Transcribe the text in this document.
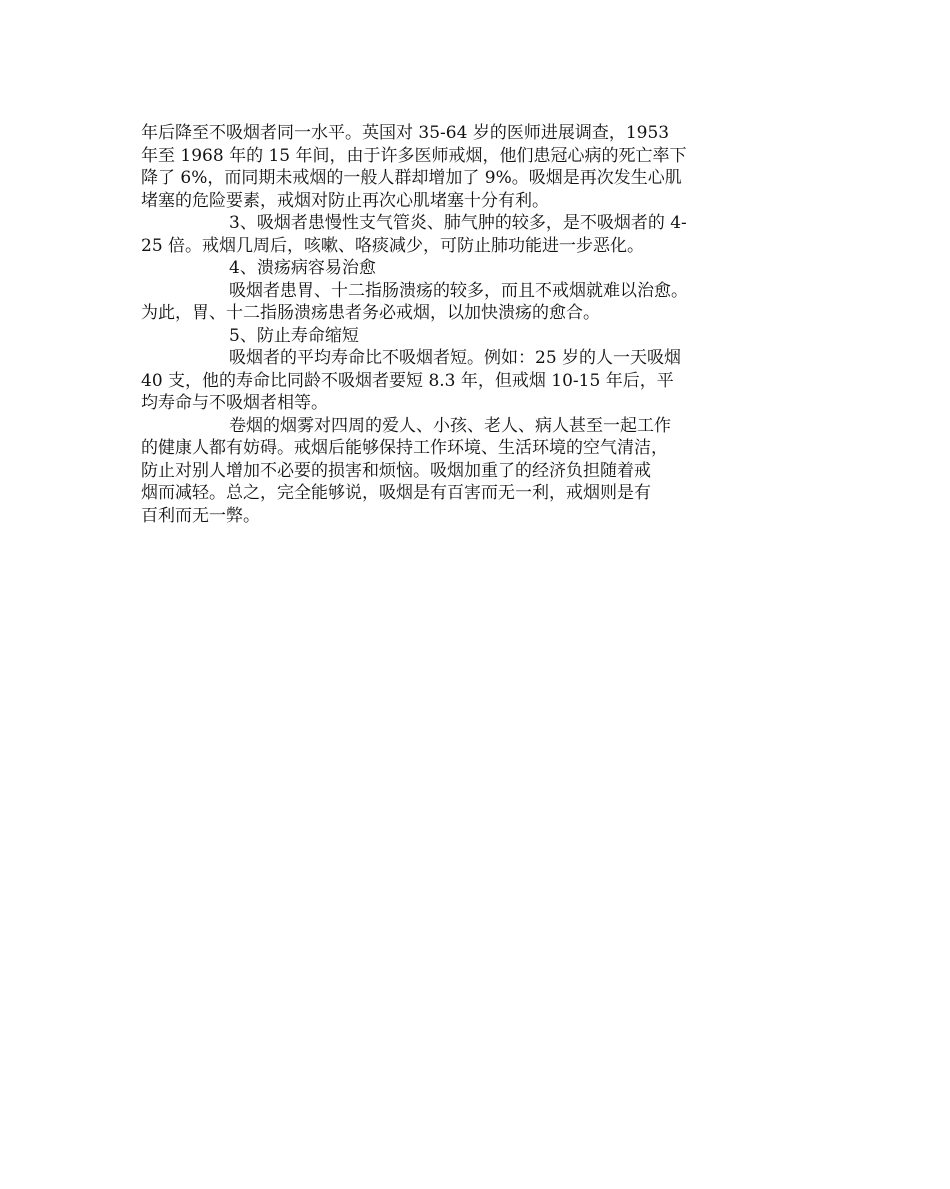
年后降至不吸烟者同一水平。英国对 35-64 岁的医师进展调查，1953
年至 1968 年的 15 年间，由于许多医师戒烟，他们患冠心病的死亡率下
降了 6%，而同期未戒烟的一般人群却增加了 9%。吸烟是再次发生心肌
堵塞的危险要素，戒烟对防止再次心肌堵塞十分有利。

3、吸烟者患慢性支气管炎、肺气肿的较多，是不吸烟者的 4-
25 倍。戒烟几周后，咳嗽、咯痰减少，可防止肺功能进一步恶化。

4、溃疡病容易治愈

吸烟者患胃、十二指肠溃疡的较多，而且不戒烟就难以治愈。
为此，胃、十二指肠溃疡患者务必戒烟，以加快溃疡的愈合。

5、防止寿命缩短

吸烟者的平均寿命比不吸烟者短。例如：25 岁的人一天吸烟
40 支，他的寿命比同龄不吸烟者要短 8.3 年，但戒烟 10-15 年后，平
均寿命与不吸烟者相等。

卷烟的烟雾对四周的爱人、小孩、老人、病人甚至一起工作
的健康人都有妨碍。戒烟后能够保持工作环境、生活环境的空气清洁，
防止对别人增加不必要的损害和烦恼。吸烟加重了的经济负担随着戒
烟而减轻。总之，完全能够说，吸烟是有百害而无一利，戒烟则是有
百利而无一弊。
